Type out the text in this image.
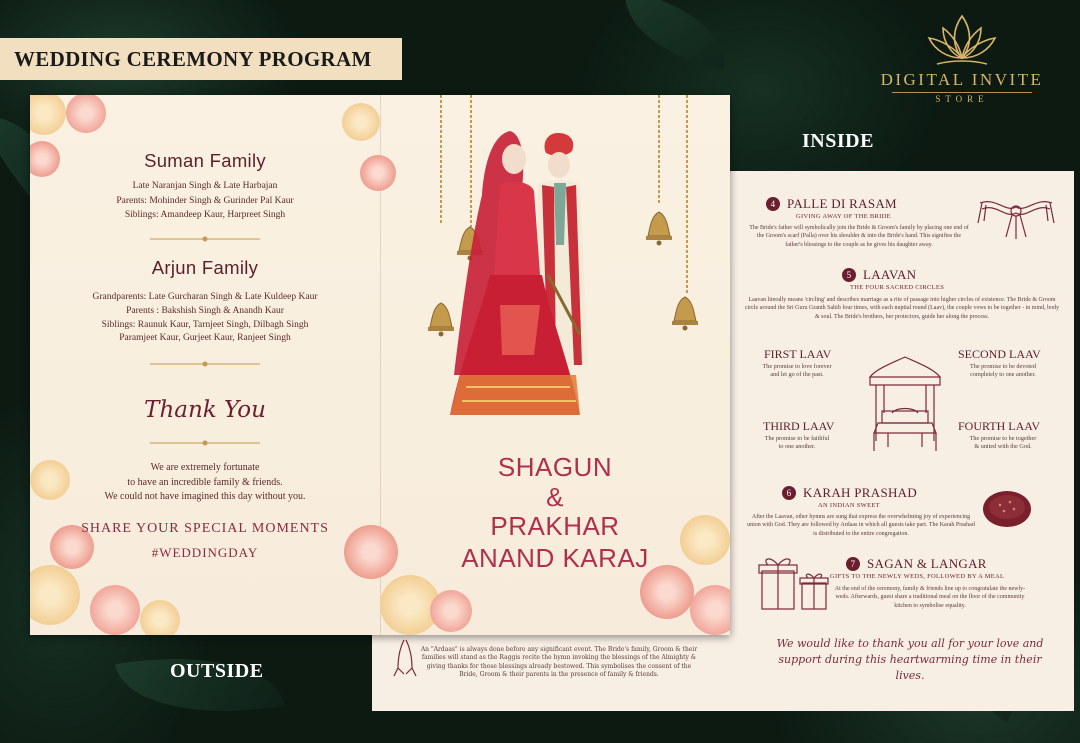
WEDDING CEREMONY PROGRAM
DIGITAL INVITE
STORE
INSIDE
OUTSIDE
4 PALLE DI RASAM
GIVING AWAY OF THE BRIDE
The Bride's father will symbolically join the Bride & Groom's family by placing one end of the Groom's scarf (Palla) over his shoulder & into the Bride's hand. This signifies the father's blessings to the couple as he gives his daughter away.
5 LAAVAN
THE FOUR SACRED CIRCLES
Laavan literally means 'circling' and describes marriage as a rite of passage into higher circles of existence. The Bride & Groom circle around the Sri Guru Granth Sahib four times, with each nuptial round (Laav), the couple vows to be together - in mind, body & soul. The Bride's brothers, her protectors, guide her along the process.
FIRST LAAV
The promise to love forever and let go of the past.
SECOND LAAV
The promise to be devoted completely to one another.
THIRD LAAV
The promise to be faithful to one another.
FOURTH LAAV
The promise to be together & united with the God.
6 KARAH PRASHAD
AN INDIAN SWEET
After the Laavan, other hymns are sung that express the overwhelming joy of experiencing union with God. They are followed by Ardaas in which all guests take part. The Karah Prashad is distributed to the entire congregation.
7 SAGAN & LANGAR
GIFTS TO THE NEWLY WEDS, FOLLOWED BY A MEAL
At the end of the ceremony, family & friends line up to congratulate the newly-weds. Afterwards, guest share a traditional meal on the floor of the community kitchen to symbolise equality.
We would like to thank you all for your love and support during this heartwarming time in their lives.
An "Ardaas" is always done before any significant event. The Bride's family, Groom & their families will stand as the Raggis recite the hymn invoking the blessings of the Almighty & giving thanks for those blessings already bestowed. This symbolises the consent of the Bride, Groom & their parents in the presence of family & friends.
Suman Family
Late Naranjan Singh & Late Harbajan
Parents: Mohinder Singh & Gurinder Pal Kaur
Siblings: Amandeep Kaur, Harpreet Singh
Arjun Family
Grandparents: Late Gurcharan Singh & Late Kuldeep Kaur
Parents : Bakshish Singh & Anandh Kaur
Siblings: Raunuk Kaur, Tarnjeet Singh, Dilbagh Singh
Paramjeet Kaur, Gurjeet Kaur, Ranjeet Singh
Thank You
We are extremely fortunate
to have an incredible family & friends.
We could not have imagined this day without you.
SHARE YOUR SPECIAL MOMENTS
#WEDDINGDAY
SHAGUN
&
PRAKHAR
ANAND KARAJ
